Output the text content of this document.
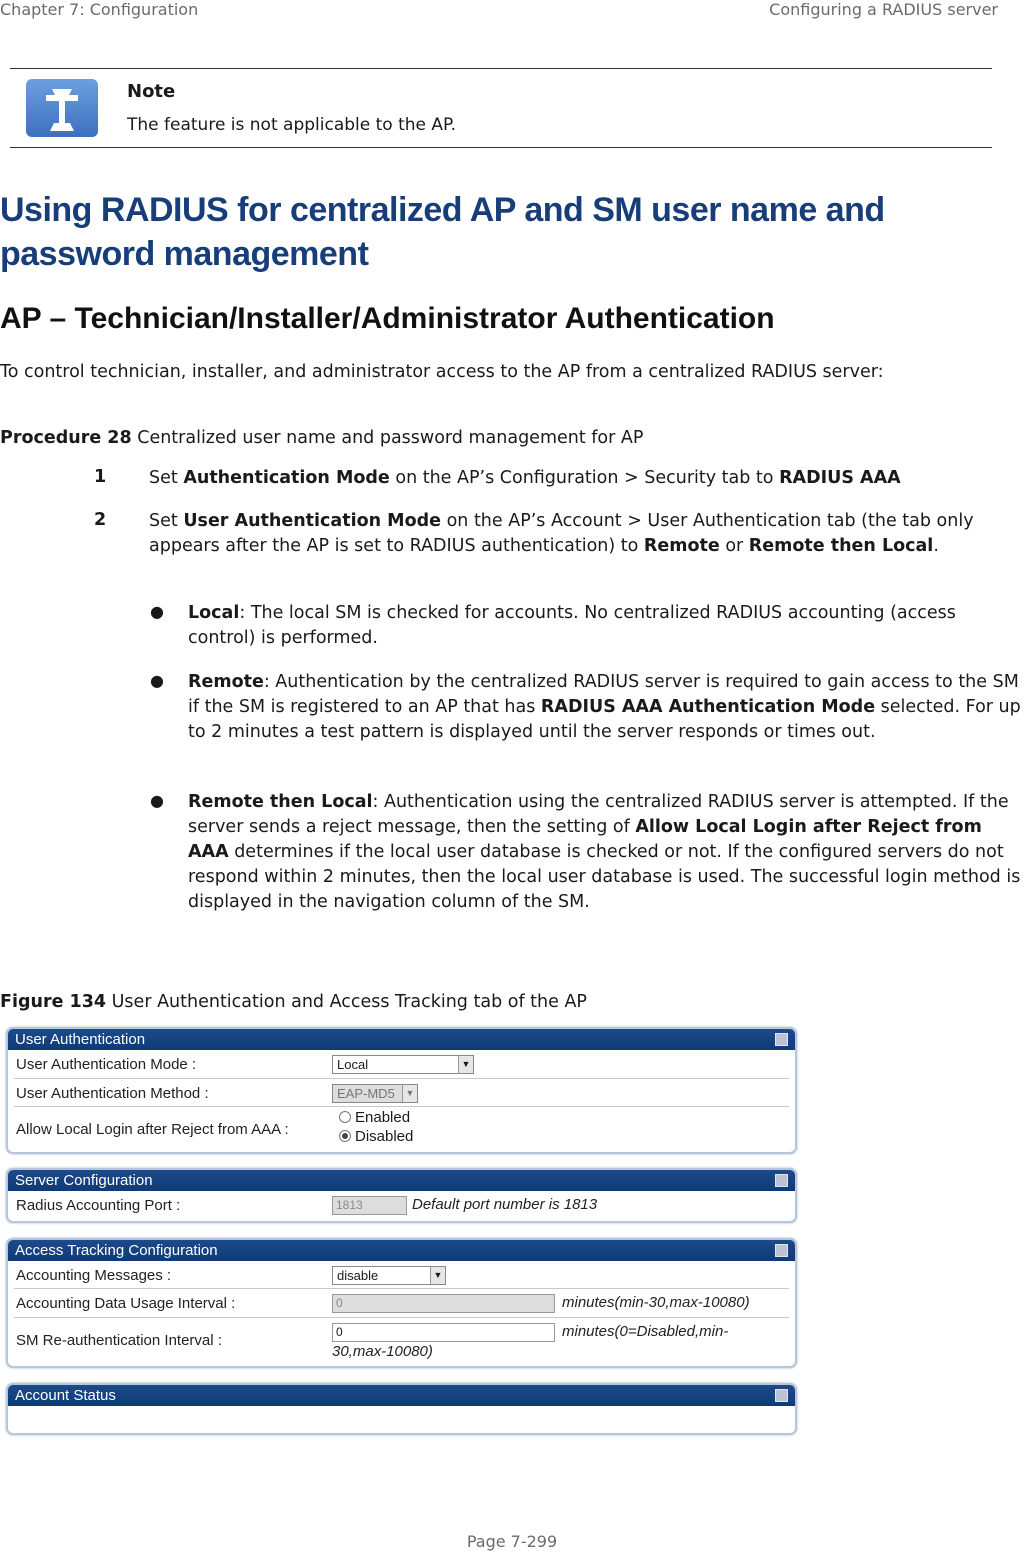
Chapter 7: Configuration	Configuring a RADIUS server
Note
The feature is not applicable to the AP.
Using RADIUS for centralized AP and SM user name and password management
AP – Technician/Installer/Administrator Authentication
To control technician, installer, and administrator access to the AP from a centralized RADIUS server:
Procedure 28 Centralized user name and password management for AP
1 Set Authentication Mode on the AP’s Configuration > Security tab to RADIUS AAA
2 Set User Authentication Mode on the AP’s Account > User Authentication tab (the tab only appears after the AP is set to RADIUS authentication) to Remote or Remote then Local.
● Local: The local SM is checked for accounts. No centralized RADIUS accounting (access control) is performed.
● Remote: Authentication by the centralized RADIUS server is required to gain access to the SM if the SM is registered to an AP that has RADIUS AAA Authentication Mode selected. For up to 2 minutes a test pattern is displayed until the server responds or times out.
● Remote then Local: Authentication using the centralized RADIUS server is attempted. If the server sends a reject message, then the setting of Allow Local Login after Reject from AAA determines if the local user database is checked or not. If the configured servers do not respond within 2 minutes, then the local user database is used. The successful login method is displayed in the navigation column of the SM.
Figure 134 User Authentication and Access Tracking tab of the AP
User Authentication
User Authentication Mode :	Local	▼
User Authentication Method :	EAP-MD5	▼
Allow Local Login after Reject from AAA :
Enabled
Disabled
Server Configuration
Radius Accounting Port :	1813	Default port number is 1813
Access Tracking Configuration
Accounting Messages :	disable	▼
Accounting Data Usage Interval :	0	minutes(min-30,max-10080)
SM Re-authentication Interval :	0	minutes(0=Disabled,min-
30,max-10080)
Account Status
Page 7-299
